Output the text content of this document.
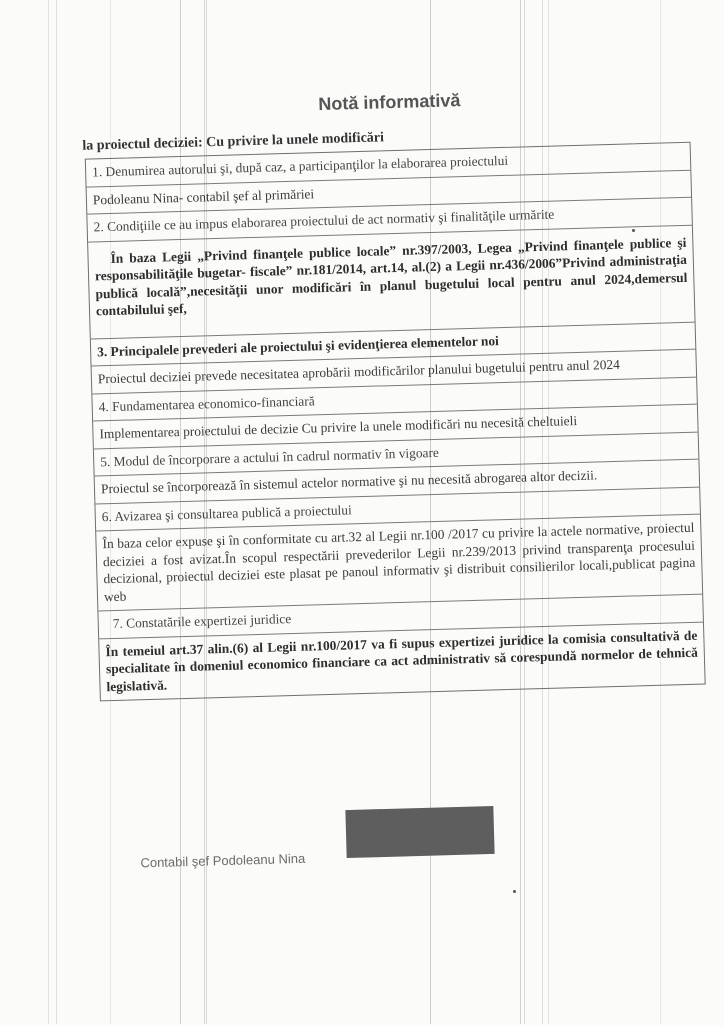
Notă informativă
la proiectul deciziei: Cu privire la unele modificări
1. Denumirea autorului şi, după caz, a participanţilor la elaborarea proiectului
Podoleanu Nina- contabil şef al primăriei
2. Condiţiile ce au impus elaborarea proiectului de act normativ şi finalităţile urmărite
În baza Legii „Privind finanţele publice locale” nr.397/2003, Legea „Privind finanţele publice şi responsabilităţile bugetar- fiscale” nr.181/2014, art.14, al.(2) a Legii nr.436/2006”Privind administraţia publică locală”,necesităţii unor modificări în planul bugetului local pentru anul 2024,demersul contabilului şef,
3. Principalele prevederi ale proiectului şi evidenţierea elementelor noi
Proiectul deciziei prevede necesitatea aprobării modificărilor planului bugetului pentru anul 2024
4. Fundamentarea economico-financiară
Implementarea proiectului de decizie Cu privire la unele modificări nu necesită cheltuieli
5. Modul de încorporare a actului în cadrul normativ în vigoare
Proiectul se încorporează în sistemul actelor normative şi nu necesită abrogarea altor decizii.
6. Avizarea şi consultarea publică a proiectului
În baza celor expuse şi în conformitate cu art.32 al Legii nr.100 /2017 cu privire la actele normative, proiectul deciziei a fost avizat.În scopul respectării prevederilor Legii nr.239/2013 privind transparenţa procesului decizional, proiectul deciziei este plasat pe panoul informativ şi distribuit consilierilor locali,publicat pagina web
7. Constatările expertizei juridice
În temeiul art.37 alin.(6) al Legii nr.100/2017 va fi supus expertizei juridice la comisia consultativă de specialitate în domeniul economico financiare ca act administrativ să corespundă normelor de tehnică legislativă.
Contabil şef Podoleanu Nina
